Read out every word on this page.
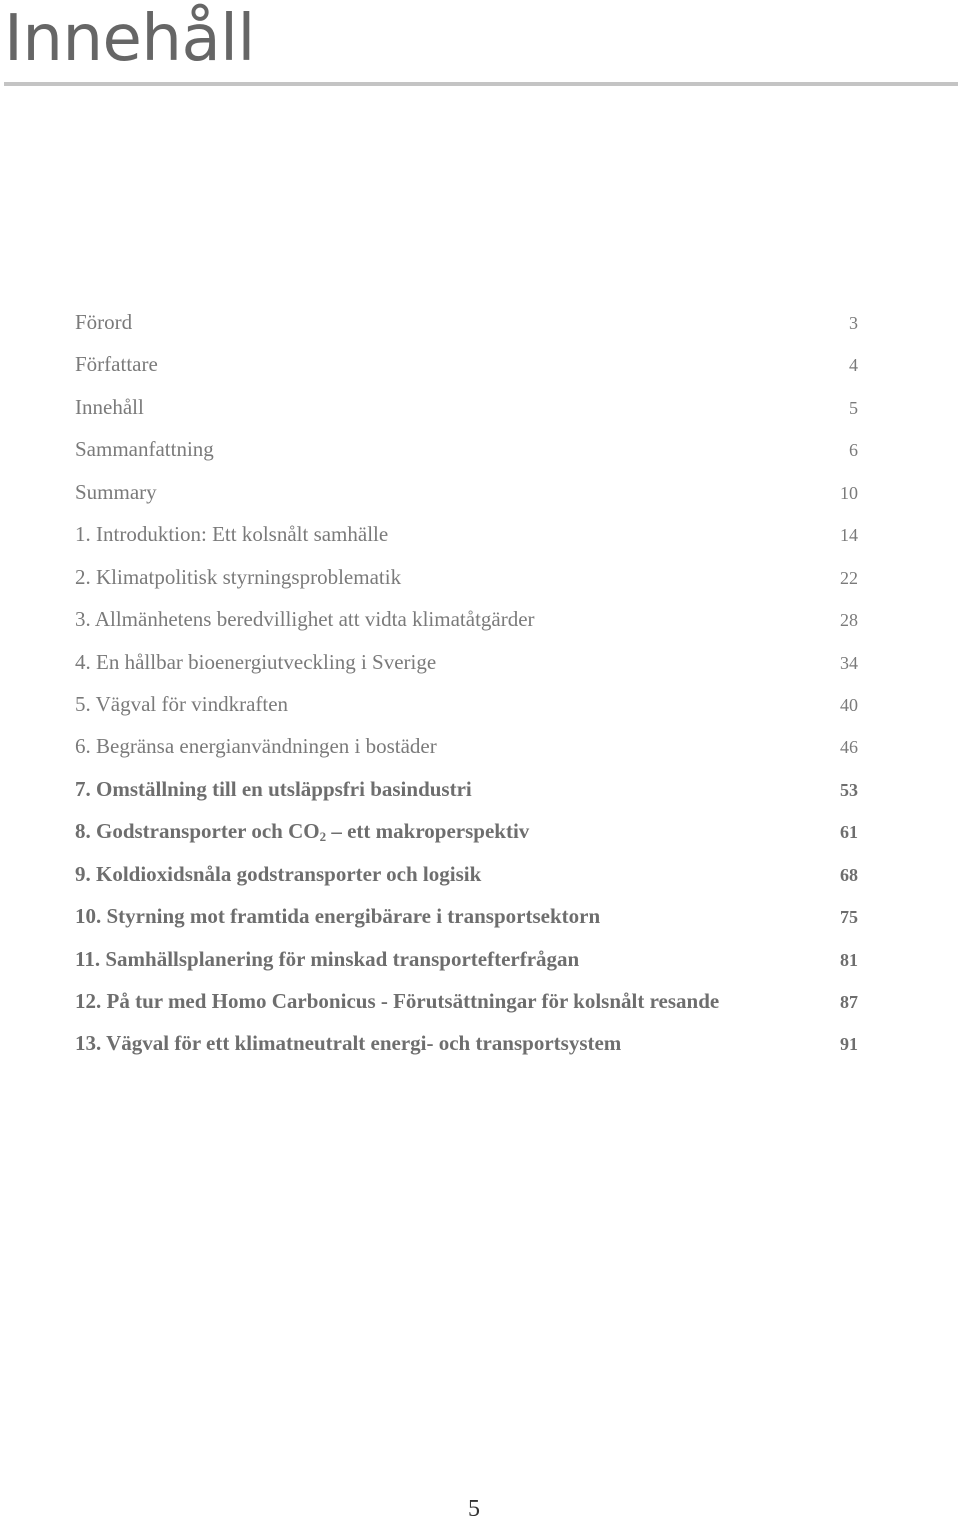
Innehåll
Förord	3
Författare	4
Innehåll	5
Sammanfattning	6
Summary	10
1. Introduktion: Ett kolsnålt samhälle	14
2. Klimatpolitisk styrningsproblematik	22
3. Allmänhetens beredvillighet att vidta klimatåtgärder	28
4. En hållbar bioenergiutveckling i Sverige	34
5. Vägval för vindkraften	40
6. Begränsa energianvändningen i bostäder	46
7. Omställning till en utsläppsfri basindustri	53
8. Godstransporter och CO2 – ett makroperspektiv	61
9. Koldioxidsnåla godstransporter och logisik	68
10. Styrning mot framtida energibärare i transportsektorn	75
11. Samhällsplanering för minskad transportefterfrågan	81
12. På tur med Homo Carbonicus - Förutsättningar för kolsnålt resande	87
13. Vägval för ett klimatneutralt energi- och transportsystem	91
5
